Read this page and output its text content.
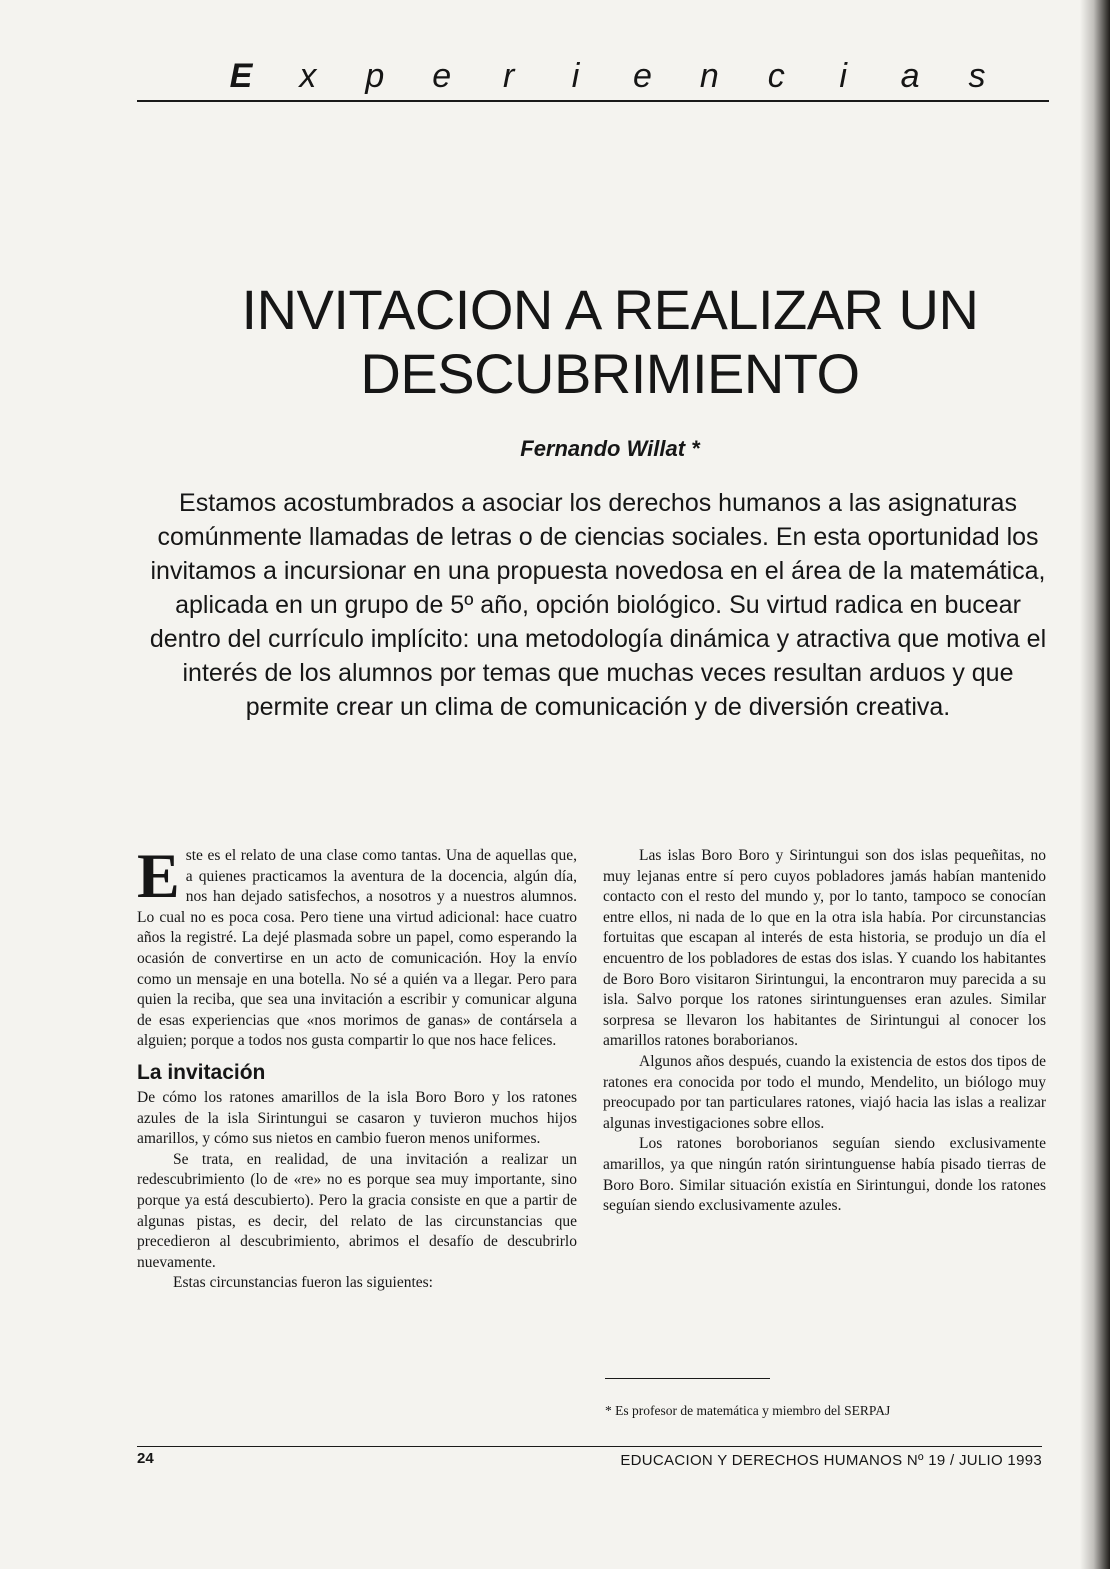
E x p e r	i	e n c	i	a s
INVITACION A REALIZAR UN
DESCUBRIMIENTO
Fernando Willat *
Estamos acostumbrados a asociar los derechos humanos a las asignaturas comúnmente llamadas de letras o de ciencias sociales. En esta oportunidad los invitamos a incursionar en una propuesta novedosa en el área de la matemática, aplicada en un grupo de 5º año, opción biológico. Su virtud radica en bucear dentro del currículo implícito: una metodología dinámica y atractiva que motiva el interés de los alumnos por temas que muchas veces resultan arduos y que permite crear un clima de comunicación y de diversión creativa.

Este es el relato de una clase como tantas. Una de aquellas que, a quienes practicamos la aventura de la docencia, algún día, nos han dejado satisfechos, a nosotros y a nuestros alumnos. Lo cual no es poca cosa. Pero tiene una virtud adicional: hace cuatro años la registré. La dejé plasmada sobre un papel, como esperando la ocasión de convertirse en un acto de comunicación. Hoy la envío como un mensaje en una botella. No sé a quién va a llegar. Pero para quien la reciba, que sea una invitación a escribir y comunicar alguna de esas experiencias que «nos morimos de ganas» de contársela a alguien; porque a todos nos gusta compartir lo que nos hace felices.

La invitación

De cómo los ratones amarillos de la isla Boro Boro y los ratones azules de la isla Sirintungui se casaron y tuvieron muchos hijos amarillos, y cómo sus nietos en cambio fueron menos uniformes.

Se trata, en realidad, de una invitación a realizar un redescubrimiento (lo de «re» no es porque sea muy importante, sino porque ya está descubierto). Pero la gracia consiste en que a partir de algunas pistas, es decir, del relato de las circunstancias que precedieron al descubrimiento, abrimos el desafío de descubrirlo nuevamente.

Estas circunstancias fueron las siguientes:

Las islas Boro Boro y Sirintungui son dos islas pequeñitas, no muy lejanas entre sí pero cuyos pobladores jamás habían mantenido contacto con el resto del mundo y, por lo tanto, tampoco se conocían entre ellos, ni nada de lo que en la otra isla había. Por circunstancias fortuitas que escapan al interés de esta historia, se produjo un día el encuentro de los pobladores de estas dos islas. Y cuando los habitantes de Boro Boro visitaron Sirintungui, la encontraron muy parecida a su isla. Salvo porque los ratones sirintunguenses eran azules. Similar sorpresa se llevaron los habitantes de Sirintungui al conocer los amarillos ratones boraborianos.

Algunos años después, cuando la existencia de estos dos tipos de ratones era conocida por todo el mundo, Mendelito, un biólogo muy preocupado por tan particulares ratones, viajó hacia las islas a realizar algunas investigaciones sobre ellos.

Los ratones boroborianos seguían siendo exclusivamente amarillos, ya que ningún ratón sirintunguense había pisado tierras de Boro Boro. Similar situación existía en Sirintungui, donde los ratones seguían siendo exclusivamente azules.

* Es profesor de matemática y miembro del SERPAJ
24	EDUCACION Y DERECHOS HUMANOS Nº 19 / JULIO 1993
